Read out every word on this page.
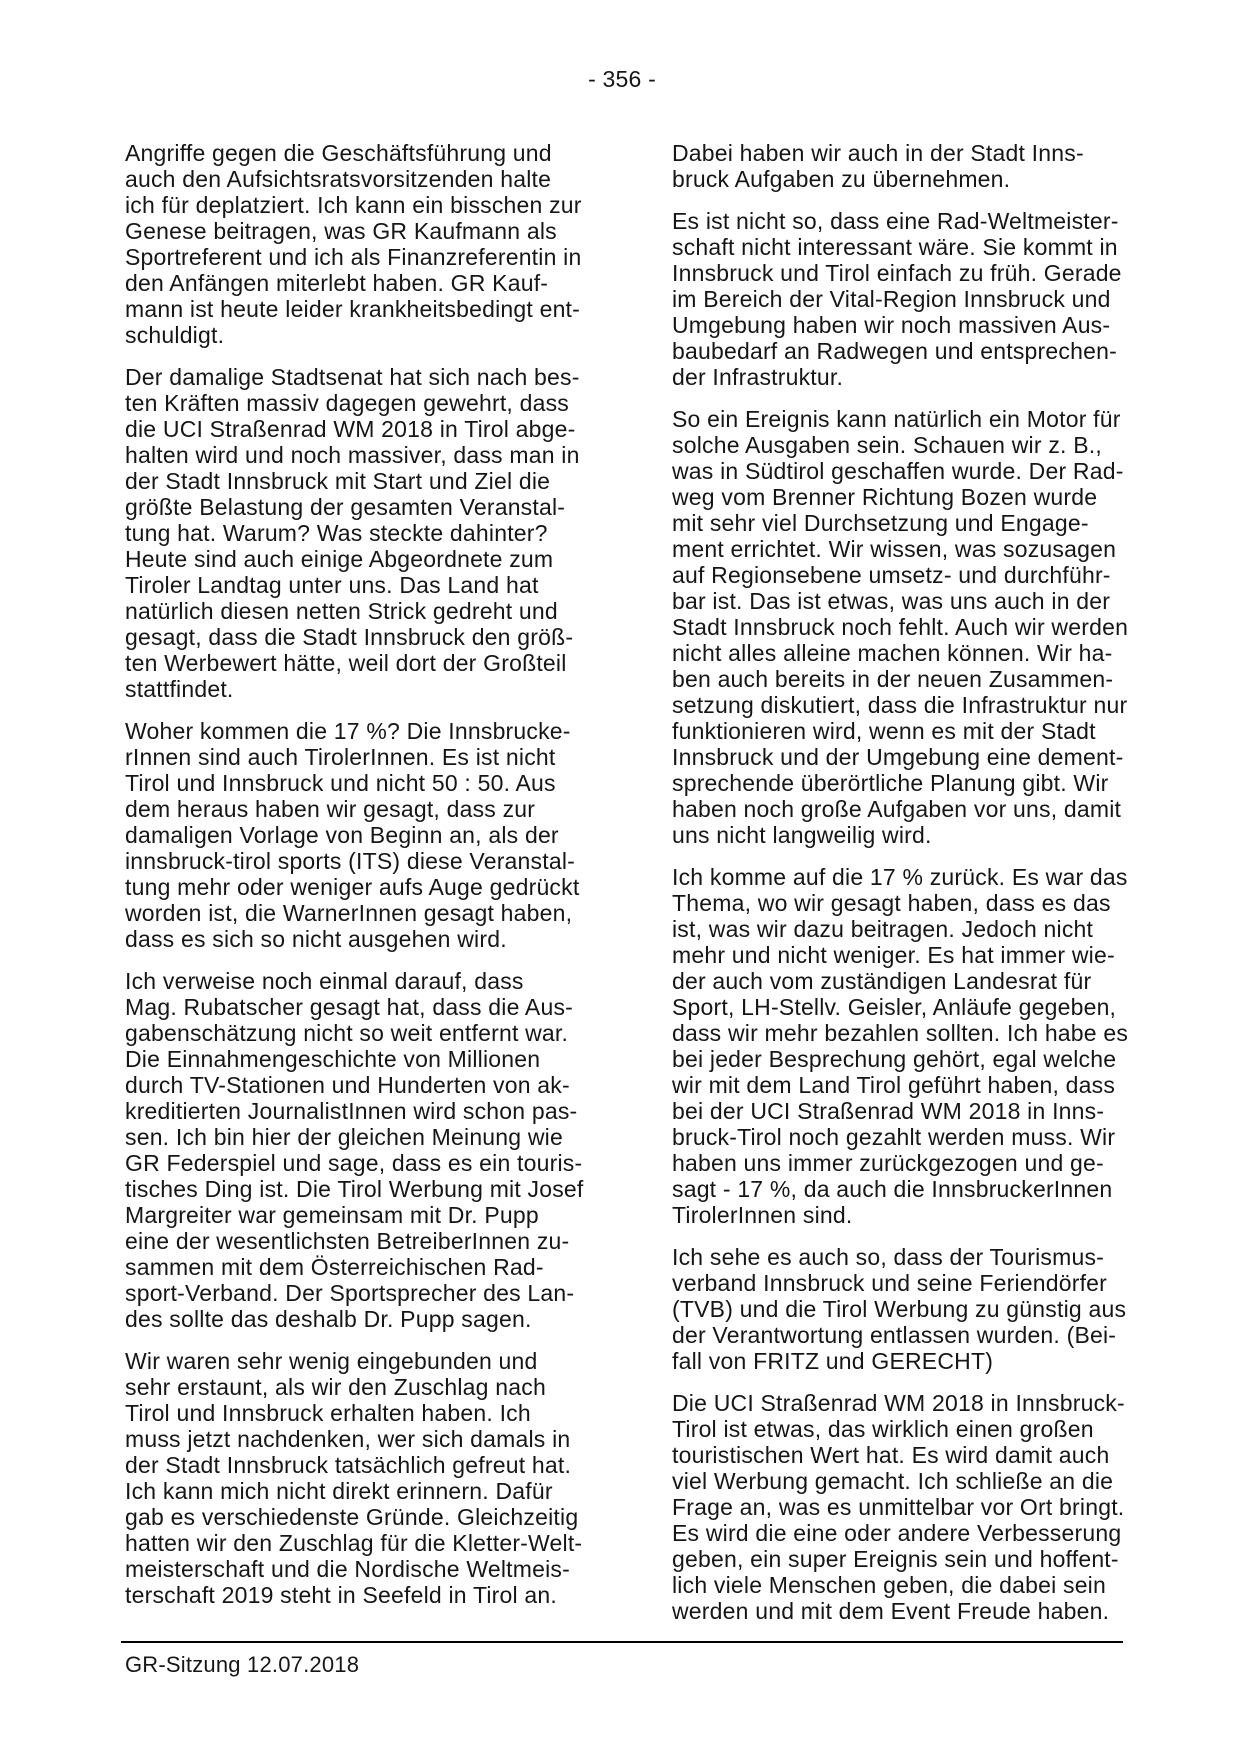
- 356 -
Angriffe gegen die Geschäftsführung und
auch den Aufsichtsratsvorsitzenden halte
ich für deplatziert. Ich kann ein bisschen zur
Genese beitragen, was GR Kaufmann als
Sportreferent und ich als Finanzreferentin in
den Anfängen miterlebt haben. GR Kauf-
mann ist heute leider krankheitsbedingt ent-
schuldigt.
Der damalige Stadtsenat hat sich nach bes-
ten Kräften massiv dagegen gewehrt, dass
die UCI Straßenrad WM 2018 in Tirol abge-
halten wird und noch massiver, dass man in
der Stadt Innsbruck mit Start und Ziel die
größte Belastung der gesamten Veranstal-
tung hat. Warum? Was steckte dahinter?
Heute sind auch einige Abgeordnete zum
Tiroler Landtag unter uns. Das Land hat
natürlich diesen netten Strick gedreht und
gesagt, dass die Stadt Innsbruck den größ-
ten Werbewert hätte, weil dort der Großteil
stattfindet.
Woher kommen die 17 %? Die Innsbrucke-
rInnen sind auch TirolerInnen. Es ist nicht
Tirol und Innsbruck und nicht 50 : 50. Aus
dem heraus haben wir gesagt, dass zur
damaligen Vorlage von Beginn an, als der
innsbruck-tirol sports (ITS) diese Veranstal-
tung mehr oder weniger aufs Auge gedrückt
worden ist, die WarnerInnen gesagt haben,
dass es sich so nicht ausgehen wird.
Ich verweise noch einmal darauf, dass
Mag. Rubatscher gesagt hat, dass die Aus-
gabenschätzung nicht so weit entfernt war.
Die Einnahmengeschichte von Millionen
durch TV-Stationen und Hunderten von ak-
kreditierten JournalistInnen wird schon pas-
sen. Ich bin hier der gleichen Meinung wie
GR Federspiel und sage, dass es ein touris-
tisches Ding ist. Die Tirol Werbung mit Josef
Margreiter war gemeinsam mit Dr. Pupp
eine der wesentlichsten BetreiberInnen zu-
sammen mit dem Österreichischen Rad-
sport-Verband. Der Sportsprecher des Lan-
des sollte das deshalb Dr. Pupp sagen.
Wir waren sehr wenig eingebunden und
sehr erstaunt, als wir den Zuschlag nach
Tirol und Innsbruck erhalten haben. Ich
muss jetzt nachdenken, wer sich damals in
der Stadt Innsbruck tatsächlich gefreut hat.
Ich kann mich nicht direkt erinnern. Dafür
gab es verschiedenste Gründe. Gleichzeitig
hatten wir den Zuschlag für die Kletter-Welt-
meisterschaft und die Nordische Weltmeis-
terschaft 2019 steht in Seefeld in Tirol an.
Dabei haben wir auch in der Stadt Inns-
bruck Aufgaben zu übernehmen.
Es ist nicht so, dass eine Rad-Weltmeister-
schaft nicht interessant wäre. Sie kommt in
Innsbruck und Tirol einfach zu früh. Gerade
im Bereich der Vital-Region Innsbruck und
Umgebung haben wir noch massiven Aus-
baubedarf an Radwegen und entsprechen-
der Infrastruktur.
So ein Ereignis kann natürlich ein Motor für
solche Ausgaben sein. Schauen wir z. B.,
was in Südtirol geschaffen wurde. Der Rad-
weg vom Brenner Richtung Bozen wurde
mit sehr viel Durchsetzung und Engage-
ment errichtet. Wir wissen, was sozusagen
auf Regionsebene umsetz- und durchführ-
bar ist. Das ist etwas, was uns auch in der
Stadt Innsbruck noch fehlt. Auch wir werden
nicht alles alleine machen können. Wir ha-
ben auch bereits in der neuen Zusammen-
setzung diskutiert, dass die Infrastruktur nur
funktionieren wird, wenn es mit der Stadt
Innsbruck und der Umgebung eine dement-
sprechende überörtliche Planung gibt. Wir
haben noch große Aufgaben vor uns, damit
uns nicht langweilig wird.
Ich komme auf die 17 % zurück. Es war das
Thema, wo wir gesagt haben, dass es das
ist, was wir dazu beitragen. Jedoch nicht
mehr und nicht weniger. Es hat immer wie-
der auch vom zuständigen Landesrat für
Sport, LH-Stellv. Geisler, Anläufe gegeben,
dass wir mehr bezahlen sollten. Ich habe es
bei jeder Besprechung gehört, egal welche
wir mit dem Land Tirol geführt haben, dass
bei der UCI Straßenrad WM 2018 in Inns-
bruck-Tirol noch gezahlt werden muss. Wir
haben uns immer zurückgezogen und ge-
sagt - 17 %, da auch die InnsbruckerInnen
TirolerInnen sind.
Ich sehe es auch so, dass der Tourismus-
verband Innsbruck und seine Feriendörfer
(TVB) und die Tirol Werbung zu günstig aus
der Verantwortung entlassen wurden. (Bei-
fall von FRITZ und GERECHT)
Die UCI Straßenrad WM 2018 in Innsbruck-
Tirol ist etwas, das wirklich einen großen
touristischen Wert hat. Es wird damit auch
viel Werbung gemacht. Ich schließe an die
Frage an, was es unmittelbar vor Ort bringt.
Es wird die eine oder andere Verbesserung
geben, ein super Ereignis sein und hoffent-
lich viele Menschen geben, die dabei sein
werden und mit dem Event Freude haben.
GR-Sitzung 12.07.2018
